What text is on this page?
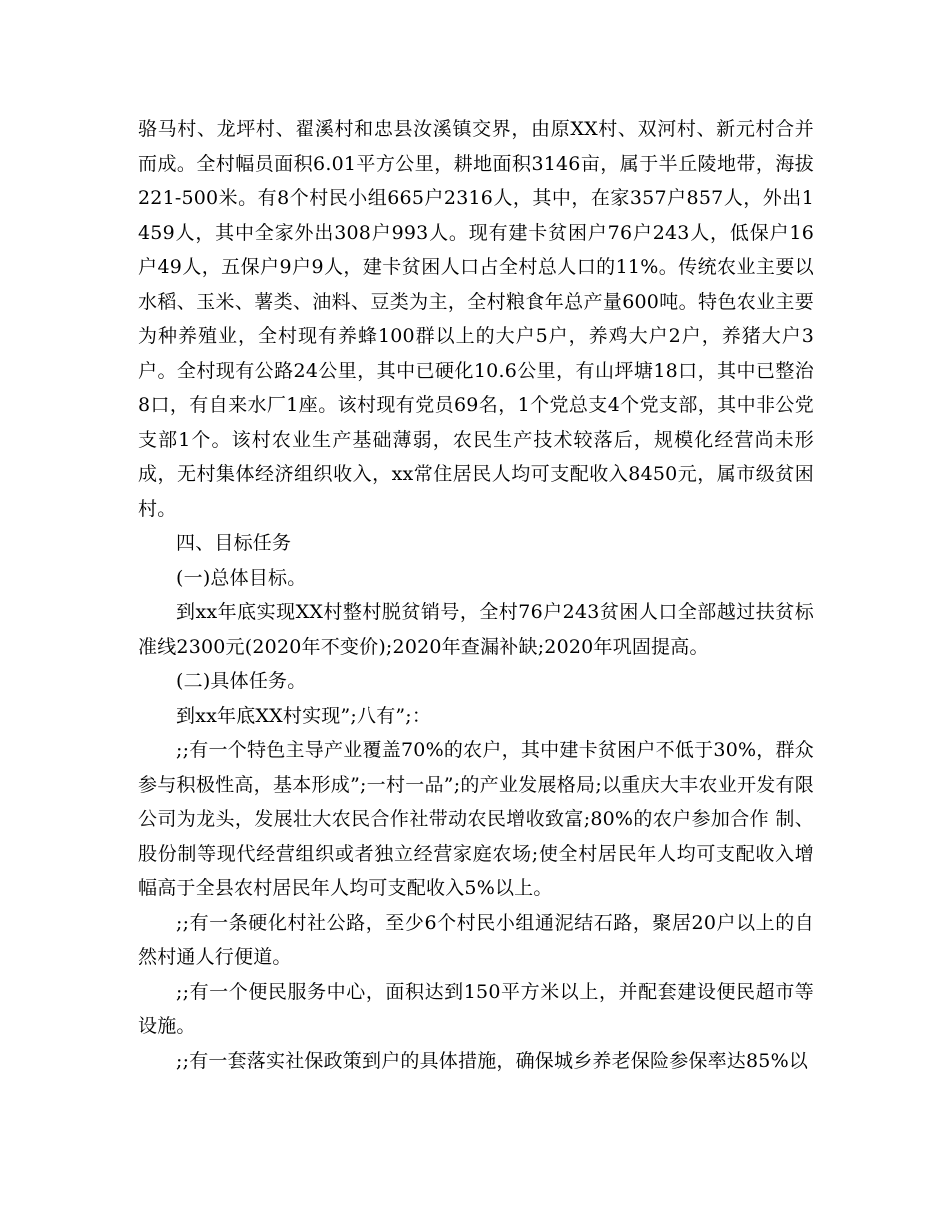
骆马村、龙坪村、翟溪村和忠县汝溪镇交界，由原XX村、双河村、新元村合并而成。全村幅员面积6.01平方公里，耕地面积3146亩，属于半丘陵地带，海拔221-500米。有8个村民小组665户2316人，其中，在家357户857人，外出1459人，其中全家外出308户993人。现有建卡贫困户76户243人，低保户16户49人，五保户9户9人，建卡贫困人口占全村总人口的11%。传统农业主要以水稻、玉米、薯类、油料、豆类为主，全村粮食年总产量600吨。特色农业主要为种养殖业，全村现有养蜂100群以上的大户5户，养鸡大户2户，养猪大户3户。全村现有公路24公里，其中已硬化10.6公里，有山坪塘18口，其中已整治8口，有自来水厂1座。该村现有党员69名，1个党总支4个党支部，其中非公党支部1个。该村农业生产基础薄弱，农民生产技术较落后，规模化经营尚未形成，无村集体经济组织收入，xx常住居民人均可支配收入8450元，属市级贫困村。

四、目标任务

(一)总体目标。

到xx年底实现XX村整村脱贫销号，全村76户243贫困人口全部越过扶贫标准线2300元(2020年不变价);2020年查漏补缺;2020年巩固提高。

(二)具体任务。

到xx年底XX村实现”;八有”;：

;;有一个特色主导产业覆盖70%的农户，其中建卡贫困户不低于30%，群众参与积极性高，基本形成”;一村一品”;的产业发展格局;以重庆大丰农业开发有限公司为龙头，发展壮大农民合作社带动农民增收致富;80%的农户参加合作 制、股份制等现代经营组织或者独立经营家庭农场;使全村居民年人均可支配收入增幅高于全县农村居民年人均可支配收入5%以上。

;;有一条硬化村社公路，至少6个村民小组通泥结石路，聚居20户以上的自然村通人行便道。

;;有一个便民服务中心，面积达到150平方米以上，并配套建设便民超市等设施。

;;有一套落实社保政策到户的具体措施，确保城乡养老保险参保率达85%以
